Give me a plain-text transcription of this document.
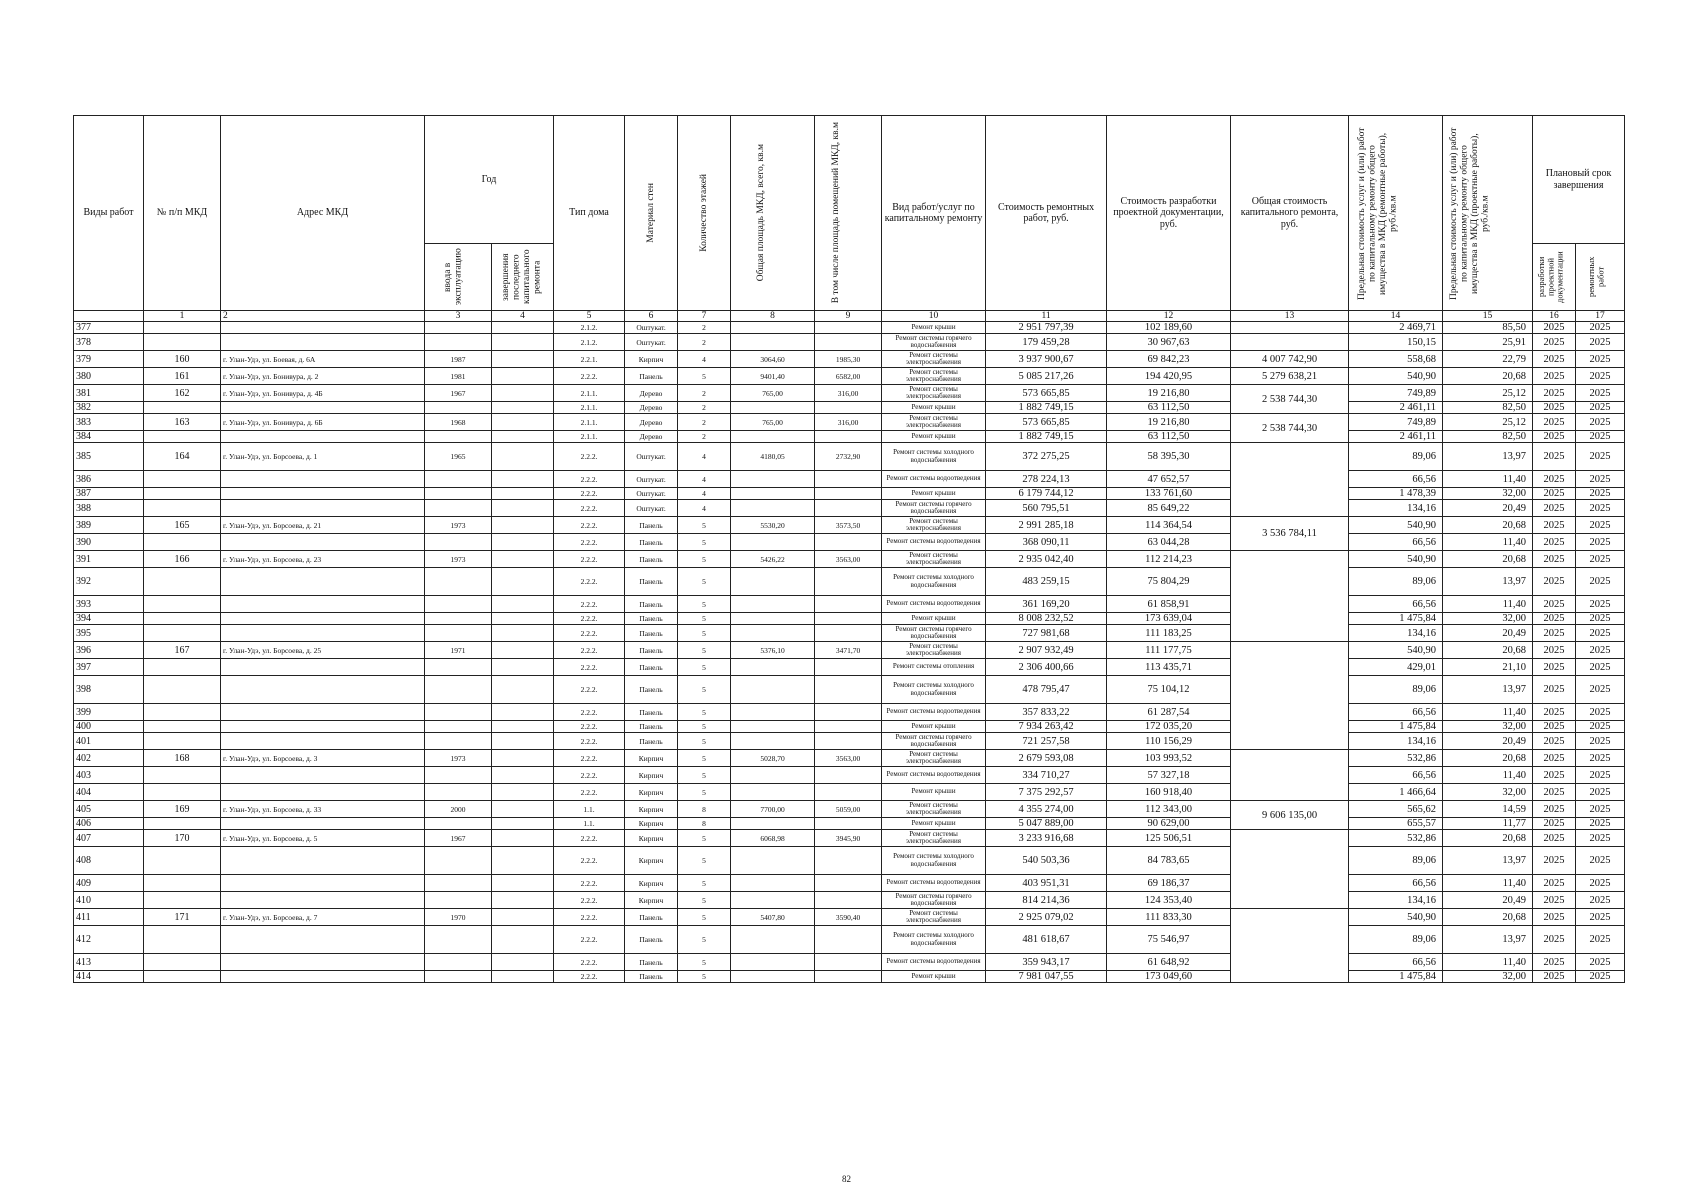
Виды работ	№ п/п МКД	Адрес МКД	Год		Тип дома	Материал стен	Количество этажей	Общая площадь МКД, всего, кв.м	В том числе площадь помещений МКД, кв.м	Вид работ/услуг по капитальному ремонту	Стоимость ремонтных работ, руб.	Стоимость разработки проектной документации, руб.	Общая стоимость капитального ремонта, руб.	Предельная стоимость услуг и (или) работ по капитальному ремонту общего имущества в МКД (ремонтные работы), руб./кв.м	Предельная стоимость услуг и (или) работ по капитальному ремонту общего имущества в МКД (проектные работы), руб./кв.м	Плановый срок завершения	

			ввода в эксплуатацию	завершения последнего капитального ремонта												разработки проектной документации	ремонтных работ

	1	2	3	4	5	6	7	8	9	10	11	12	13	14	15	16	17
377					2.1.2.	Оштукат.	2			Ремонт крыши	2 951 797,39	102 189,60		2 469,71	85,50	2025	2025
378					2.1.2.	Оштукат.	2			Ремонт системы горячего водоснабжения	179 459,28	30 967,63		150,15	25,91	2025	2025
379	160	г. Улан-Удэ, ул. Боевая, д. 6А	1987		2.2.1.	Кирпич	4	3064,60	1985,30	Ремонт системы электроснабжения	3 937 900,67	69 842,23	4 007 742,90	558,68	22,79	2025	2025
380	161	г. Улан-Удэ, ул. Бонивура, д. 2	1981		2.2.2.	Панель	5	9401,40	6582,00	Ремонт системы электроснабжения	5 085 217,26	194 420,95	5 279 638,21	540,90	20,68	2025	2025
381	162	г. Улан-Удэ, ул. Бонивура, д. 4Б	1967		2.1.1.	Дерево	2	765,00	316,00	Ремонт системы электроснабжения	573 665,85	19 216,80	2 538 744,30	749,89	25,12	2025	2025
382					2.1.1.	Дерево	2			Ремонт крыши	1 882 749,15	63 112,50		2 461,11	82,50	2025	2025
383	163	г. Улан-Удэ, ул. Бонивура, д. 6Б	1968		2.1.1.	Дерево	2	765,00	316,00	Ремонт системы электроснабжения	573 665,85	19 216,80	2 538 744,30	749,89	25,12	2025	2025
384					2.1.1.	Дерево	2			Ремонт крыши	1 882 749,15	63 112,50		2 461,11	82,50	2025	2025
385	164	г. Улан-Удэ, ул. Борсоева, д. 1	1965		2.2.2.	Оштукат.	4	4180,05	2732,90	Ремонт системы холодного водоснабжения	372 275,25	58 395,30		89,06	13,97	2025	2025
386					2.2.2.	Оштукат.	4			Ремонт системы водоотведения	278 224,13	47 652,57		66,56	11,40	2025	2025
387					2.2.2.	Оштукат.	4			Ремонт крыши	6 179 744,12	133 761,60		1 478,39	32,00	2025	2025
388					2.2.2.	Оштукат.	4			Ремонт системы горячего водоснабжения	560 795,51	85 649,22		134,16	20,49	2025	2025
389	165	г. Улан-Удэ, ул. Борсоева, д. 21	1973		2.2.2.	Панель	5	5530,20	3573,50	Ремонт системы электроснабжения	2 991 285,18	114 364,54	3 536 784,11	540,90	20,68	2025	2025
390					2.2.2.	Панель	5			Ремонт системы водоотведения	368 090,11	63 044,28		66,56	11,40	2025	2025
391	166	г. Улан-Удэ, ул. Борсоева, д. 23	1973		2.2.2.	Панель	5	5426,22	3563,00	Ремонт системы электроснабжения	2 935 042,40	112 214,23		540,90	20,68	2025	2025
392					2.2.2.	Панель	5			Ремонт системы холодного водоснабжения	483 259,15	75 804,29		89,06	13,97	2025	2025
393					2.2.2.	Панель	5			Ремонт системы водоотведения	361 169,20	61 858,91		66,56	11,40	2025	2025
394					2.2.2.	Панель	5			Ремонт крыши	8 008 232,52	173 639,04		1 475,84	32,00	2025	2025
395					2.2.2.	Панель	5			Ремонт системы горячего водоснабжения	727 981,68	111 183,25		134,16	20,49	2025	2025
396	167	г. Улан-Удэ, ул. Борсоева, д. 25	1971		2.2.2.	Панель	5	5376,10	3471,70	Ремонт системы электроснабжения	2 907 932,49	111 177,75		540,90	20,68	2025	2025
397					2.2.2.	Панель	5			Ремонт системы отопления	2 306 400,66	113 435,71		429,01	21,10	2025	2025
398					2.2.2.	Панель	5			Ремонт системы холодного водоснабжения	478 795,47	75 104,12		89,06	13,97	2025	2025
399					2.2.2.	Панель	5			Ремонт системы водоотведения	357 833,22	61 287,54		66,56	11,40	2025	2025
400					2.2.2.	Панель	5			Ремонт крыши	7 934 263,42	172 035,20		1 475,84	32,00	2025	2025
401					2.2.2.	Панель	5			Ремонт системы горячего водоснабжения	721 257,58	110 156,29		134,16	20,49	2025	2025
402	168	г. Улан-Удэ, ул. Борсоева, д. 3	1973		2.2.2.	Кирпич	5	5028,70	3563,00	Ремонт системы электроснабжения	2 679 593,08	103 993,52		532,86	20,68	2025	2025
403					2.2.2.	Кирпич	5			Ремонт системы водоотведения	334 710,27	57 327,18		66,56	11,40	2025	2025
404					2.2.2.	Кирпич	5			Ремонт крыши	7 375 292,57	160 918,40		1 466,64	32,00	2025	2025
405	169	г. Улан-Удэ, ул. Борсоева, д. 33	2000		1.1.	Кирпич	8	7700,00	5059,00	Ремонт системы электроснабжения	4 355 274,00	112 343,00	9 606 135,00	565,62	14,59	2025	2025
406					1.1.	Кирпич	8			Ремонт крыши	5 047 889,00	90 629,00		655,57	11,77	2025	2025
407	170	г. Улан-Удэ, ул. Борсоева, д. 5	1967		2.2.2.	Кирпич	5	6068,98	3945,90	Ремонт системы электроснабжения	3 233 916,68	125 506,51		532,86	20,68	2025	2025
408					2.2.2.	Кирпич	5			Ремонт системы холодного водоснабжения	540 503,36	84 783,65		89,06	13,97	2025	2025
409					2.2.2.	Кирпич	5			Ремонт системы водоотведения	403 951,31	69 186,37		66,56	11,40	2025	2025
410					2.2.2.	Кирпич	5			Ремонт системы горячего водоснабжения	814 214,36	124 353,40		134,16	20,49	2025	2025
411	171	г. Улан-Удэ, ул. Борсоева, д. 7	1970		2.2.2.	Панель	5	5407,80	3590,40	Ремонт системы электроснабжения	2 925 079,02	111 833,30		540,90	20,68	2025	2025
412					2.2.2.	Панель	5			Ремонт системы холодного водоснабжения	481 618,67	75 546,97		89,06	13,97	2025	2025
413					2.2.2.	Панель	5			Ремонт системы водоотведения	359 943,17	61 648,92		66,56	11,40	2025	2025
414					2.2.2.	Панель	5			Ремонт крыши	7 981 047,55	173 049,60		1 475,84	32,00	2025	2025
82
